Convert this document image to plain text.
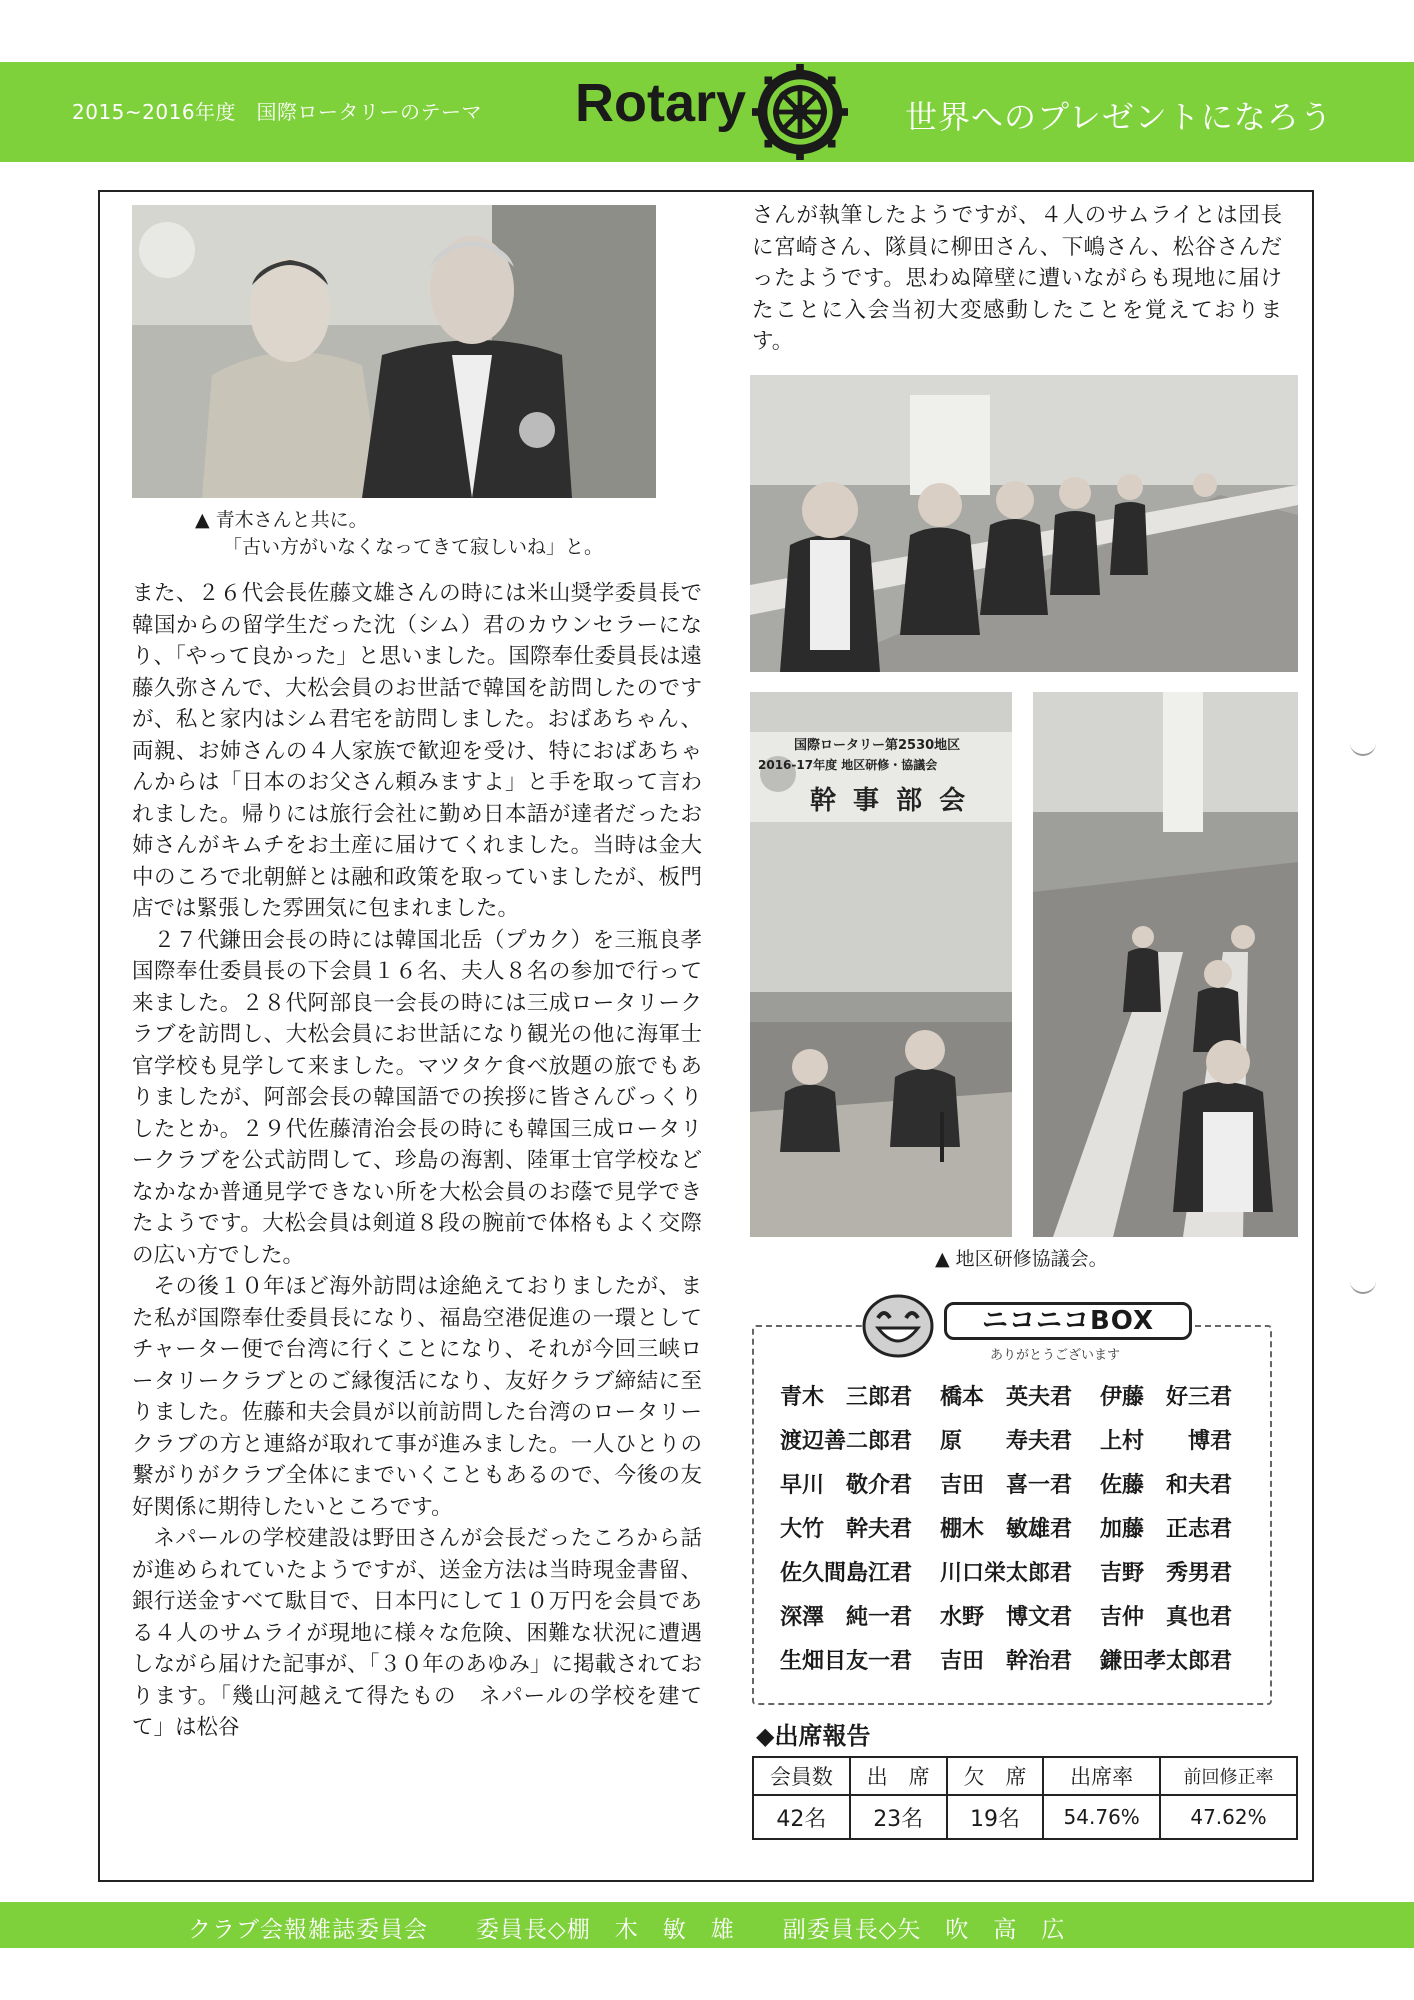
2015~2016年度　国際ロータリーのテーマ Rotary	世界へのプレゼントになろう
▲ 青木さんと共に。
「古い方がいなくなってきて寂しいね」と。

また、２６代会長佐藤文雄さんの時には米山奨学委員長で韓国からの留学生だった沈（シム）君のカウンセラーになり、「やって良かった」と思いました。国際奉仕委員長は遠藤久弥さんで、大松会員のお世話で韓国を訪問したのですが、私と家内はシム君宅を訪問しました。おばあちゃん、両親、お姉さんの４人家族で歓迎を受け、特におばあちゃんからは「日本のお父さん頼みますよ」と手を取って言われました。帰りには旅行会社に勤め日本語が達者だったお姉さんがキムチをお土産に届けてくれました。当時は金大中のころで北朝鮮とは融和政策を取っていましたが、板門店では緊張した雰囲気に包まれました。

２７代鎌田会長の時には韓国北岳（プカク）を三瓶良孝国際奉仕委員長の下会員１６名、夫人８名の参加で行って来ました。２８代阿部良一会長の時には三成ロータリークラブを訪問し、大松会員にお世話になり観光の他に海軍士官学校も見学して来ました。マツタケ食べ放題の旅でもありましたが、阿部会長の韓国語での挨拶に皆さんびっくりしたとか。２９代佐藤清治会長の時にも韓国三成ロータリークラブを公式訪問して、珍島の海割、陸軍士官学校などなかなか普通見学できない所を大松会員のお蔭で見学できたようです。大松会員は剣道８段の腕前で体格もよく交際の広い方でした。

その後１０年ほど海外訪問は途絶えておりましたが、また私が国際奉仕委員長になり、福島空港促進の一環としてチャーター便で台湾に行くことになり、それが今回三峡ロータリークラブとのご縁復活になり、友好クラブ締結に至りました。佐藤和夫会員が以前訪問した台湾のロータリークラブの方と連絡が取れて事が進みました。一人ひとりの繋がりがクラブ全体にまでいくこともあるので、今後の友好関係に期待したいところです。

ネパールの学校建設は野田さんが会長だったころから話が進められていたようですが、送金方法は当時現金書留、銀行送金すべて駄目で、日本円にして１０万円を会員である４人のサムライが現地に様々な危険、困難な状況に遭遇しながら届けた記事が、「３０年のあゆみ」に掲載されております。「幾山河越えて得たもの　ネパールの学校を建てて」は松谷

さんが執筆したようですが、４人のサムライとは団長に宮崎さん、隊員に柳田さん、下嶋さん、松谷さんだったようです。思わぬ障壁に遭いながらも現地に届けたことに入会当初大変感動したことを覚えております。

国際ロータリー第2530地区
2016-17年度 地区研修・協議会
幹 事 部 会
▲ 地区研修協議会。
ニコニコBOX
ありがとうございます
青木　三郎君	橋本　英夫君	伊藤　好三君
渡辺善二郎君	原　　寿夫君	上村　　博君
早川　敬介君	吉田　喜一君	佐藤　和夫君
大竹　幹夫君	棚木　敏雄君	加藤　正志君
佐久間島江君	川口栄太郎君	吉野　秀男君
深澤　純一君	水野　博文君	吉仲　真也君
生畑目友一君	吉田　幹治君	鎌田孝太郎君
◆出席報告
会員数	出　席	欠　席	出席率	前回修正率
42名	23名	19名	54.76%	47.62%
クラブ会報雑誌委員会　　委員長◇棚　木　敏　雄　　副委員長◇矢　吹　高　広
